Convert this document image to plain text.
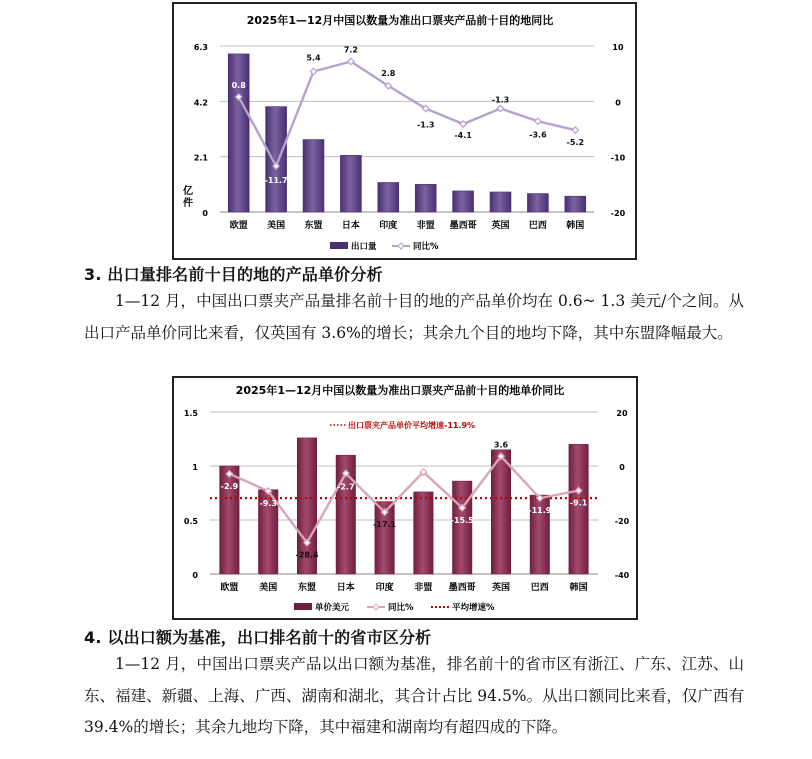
2025年1—12月中国以数量为准出口票夹产品前十目的地同比
0
2.1
4.2
6.3
-20
-10
0
10
亿
件
欧盟 美国 东盟 日本 印度 非盟 墨西哥 英国 巴西 韩国
0.8
-11.7
5.4
7.2
2.8
-1.3
-4.1
-1.3
-3.6
-5.2
出口量	同比%
3. 出口量排名前十目的地的产品单价分析
1—12 月，中国出口票夹产品量排名前十目的地的产品单价均在 0.6~ 1.3 美元/个之间。从出口产品单价同比来看，仅英国有 3.6%的增长；其余九个目的地均下降，其中东盟降幅最大。
2025年1—12月中国以数量为准出口票夹产品前十目的地单价同比
0
0.5
1
1.5
-40
-20
0
20
欧盟 美国 东盟 日本 印度 非盟 墨西哥 英国 巴西 韩国
-2.9
-9.3
-28.4
-2.7
-17.1
-2.2
-15.5
3.6
-11.9
-9.1
出口票夹产品单价平均增速-11.9%
单价美元	同比%	平均增速%
4. 以出口额为基准，出口排名前十的省市区分析
1—12 月，中国出口票夹产品以出口额为基准，排名前十的省市区有浙江、广东、江苏、山东、福建、新疆、上海、广西、湖南和湖北，其合计占比 94.5%。从出口额同比来看，仅广西有 39.4%的增长；其余九地均下降，其中福建和湖南均有超四成的下降。
